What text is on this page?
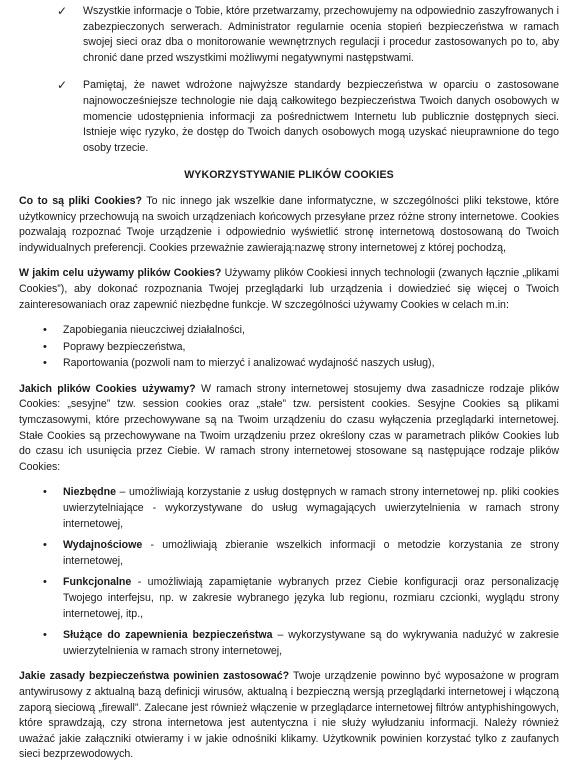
✓	Wszystkie informacje o Tobie, które przetwarzamy, przechowujemy na odpowiednio zaszyfrowanych i zabezpieczonych serwerach. Administrator regularnie ocenia stopień bezpieczeństwa w ramach swojej sieci oraz dba o monitorowanie wewnętrznych regulacji i procedur zastosowanych po to, aby chronić dane przed wszystkimi możliwymi negatywnymi następstwami.
✓	Pamiętaj, że nawet wdrożone najwyższe standardy bezpieczeństwa w oparciu o zastosowane najnowocześniejsze technologie nie dają całkowitego bezpieczeństwa Twoich danych osobowych w momencie udostępnienia informacji za pośrednictwem Internetu lub publicznie dostępnych sieci. Istnieje więc ryzyko, że dostęp do Twoich danych osobowych mogą uzyskać nieuprawnione do tego osoby trzecie.
WYKORZYSTYWANIE PLIKÓW COOKIES

Co to są pliki Cookies? To nic innego jak wszelkie dane informatyczne, w szczególności pliki tekstowe, które użytkownicy przechowują na swoich urządzeniach końcowych przesyłane przez różne strony internetowe. Cookies pozwalają rozpoznać Twoje urządzenie i odpowiednio wyświetlić stronę internetową dostosowaną do Twoich indywidualnych preferencji. Cookies przeważnie zawierają:nazwę strony internetowej z której pochodzą,

W jakim celu używamy plików Cookies? Używamy plików Cookiesi innych technologii (zwanych łącznie „plikami Cookies”), aby dokonać rozpoznania Twojej przeglądarki lub urządzenia i dowiedzieć się więcej o Twoich zainteresowaniach oraz zapewnić niezbędne funkcje. W szczególności używamy Cookies w celach m.in:

•	Zapobiegania nieuczciwej działalności,
•	Poprawy bezpieczeństwa,
•	Raportowania (pozwoli nam to mierzyć i analizować wydajność naszych usług),

Jakich plików Cookies używamy? W ramach strony internetowej stosujemy dwa zasadnicze rodzaje plików Cookies: „sesyjne” tzw. session cookies oraz „stałe” tzw. persistent cookies. Sesyjne Cookies są plikami tymczasowymi, które przechowywane są na Twoim urządzeniu do czasu wyłączenia przeglądarki internetowej. Stałe Cookies są przechowywane na Twoim urządzeniu przez określony czas w parametrach plików Cookies lub do czasu ich usunięcia przez Ciebie. W ramach strony internetowej stosowane są następujące rodzaje plików Cookies:

•	Niezbędne – umożliwiają korzystanie z usług dostępnych w ramach strony internetowej np. pliki cookies uwierzytelniające - wykorzystywane do usług wymagających uwierzytelnienia w ramach strony internetowej,
•	Wydajnościowe - umożliwiają zbieranie wszelkich informacji o metodzie korzystania ze strony internetowej,
•	Funkcjonalne - umożliwiają zapamiętanie wybranych przez Ciebie konfiguracji oraz personalizację Twojego interfejsu, np. w zakresie wybranego języka lub regionu, rozmiaru czcionki, wyglądu strony internetowej, itp.,
•	Służące do zapewnienia bezpieczeństwa – wykorzystywane są do wykrywania nadużyć w zakresie uwierzytelnienia w ramach strony internetowej,

Jakie zasady bezpieczeństwa powinien zastosować? Twoje urządzenie powinno być wyposażone w program antywirusowy z aktualną bazą definicji wirusów, aktualną i bezpieczną wersją przeglądarki internetowej i włączoną zaporą sieciową „firewall”. Zalecane jest również włączenie w przeglądarce internetowej filtrów antyphishingowych, które sprawdzają, czy strona internetowa jest autentyczna i nie służy wyłudzaniu informacji. Należy również uważać jakie załączniki otwieramy i w jakie odnośniki klikamy. Użytkownik powinien korzystać tylko z zaufanych sieci bezprzewodowych.
